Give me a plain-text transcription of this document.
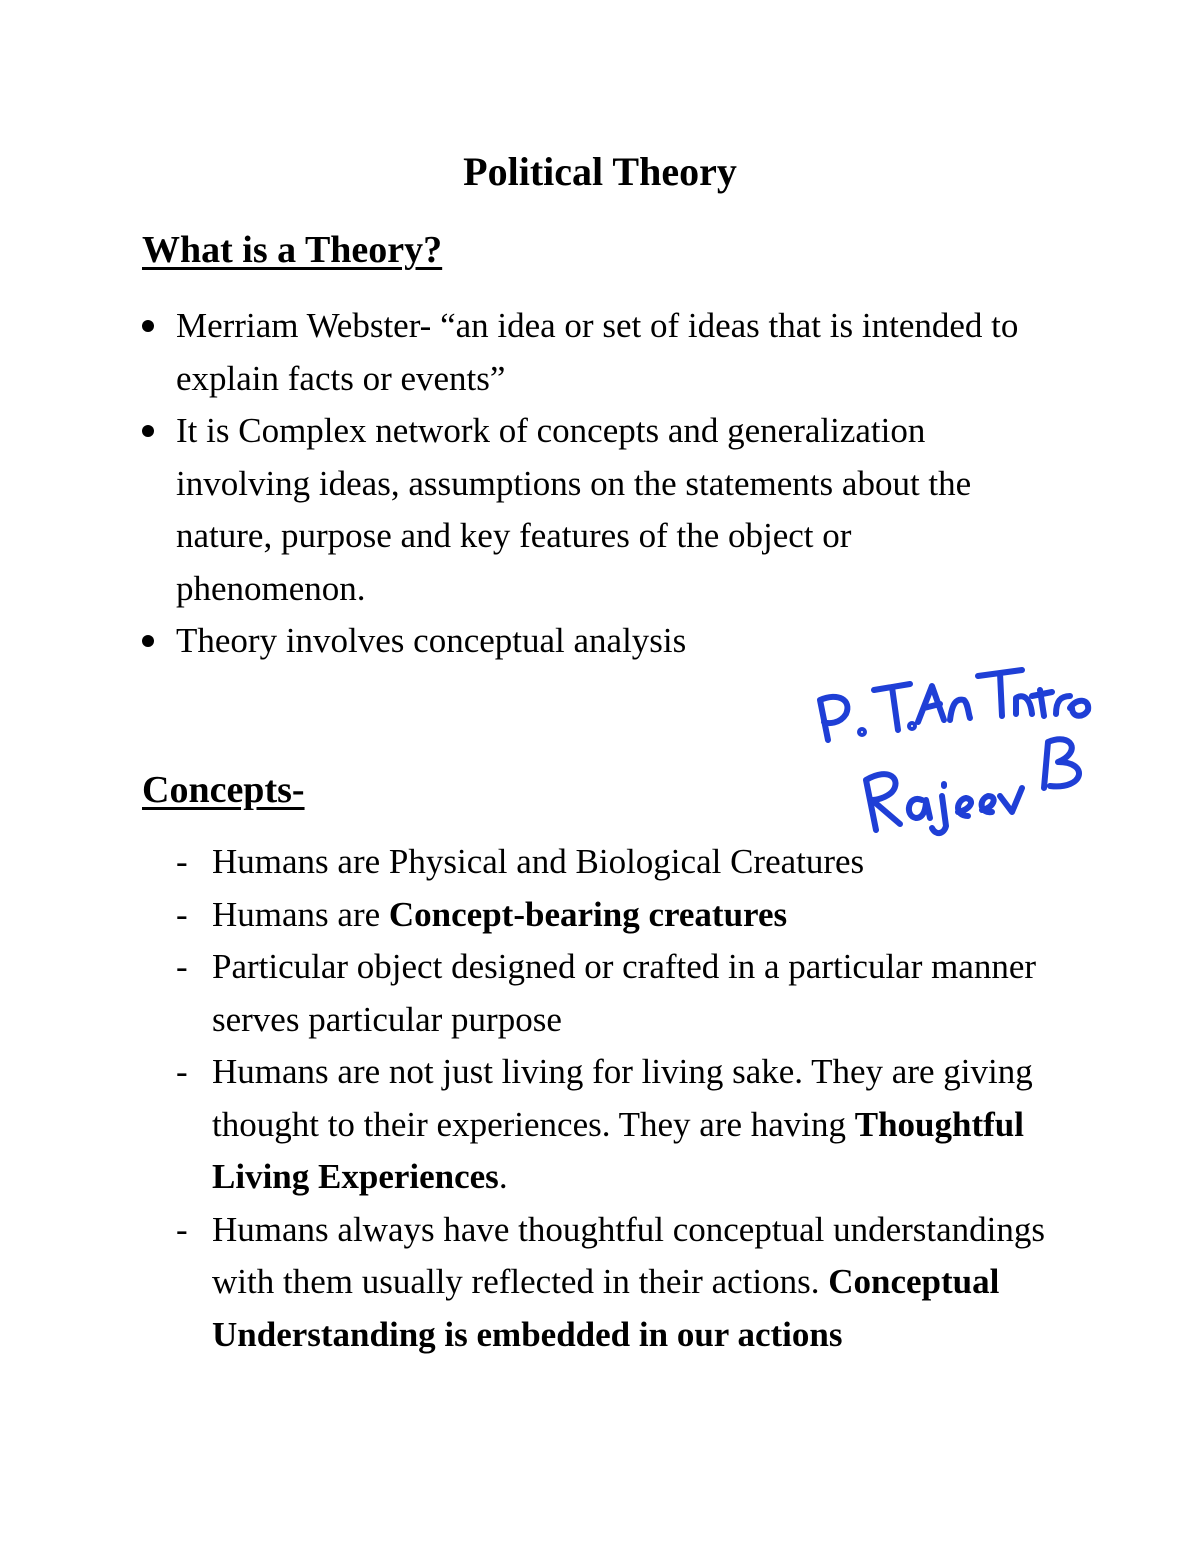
Political Theory
What is a Theory?
Merriam Webster- “an idea or set of ideas that is intended to explain facts or events”
It is Complex network of concepts and generalization involving ideas, assumptions on the statements about the nature, purpose and key features of the object or phenomenon.
Theory involves conceptual analysis
Concepts-
- Humans are Physical and Biological Creatures
- Humans are Concept-bearing creatures
- Particular object designed or crafted in a particular manner serves particular purpose
- Humans are not just living for living sake. They are giving thought to their experiences. They are having Thoughtful Living Experiences.
- Humans always have thoughtful conceptual understandings with them usually reflected in their actions. Conceptual Understanding is embedded in our actions
